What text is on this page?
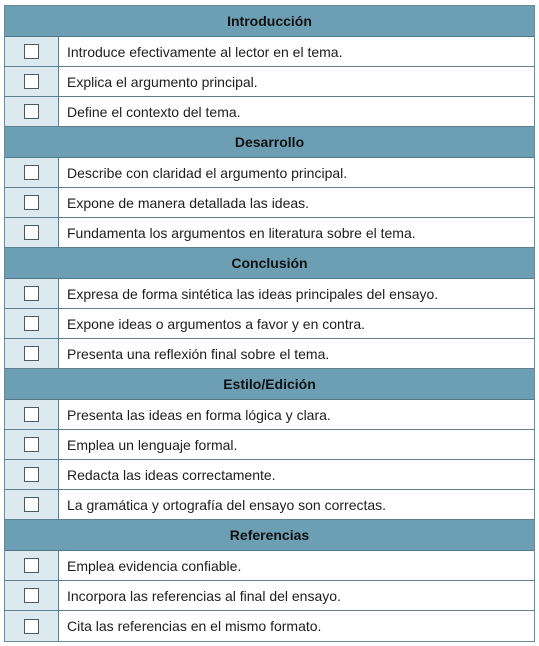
Introducción
Introduce efectivamente al lector en el tema.
Explica el argumento principal.
Define el contexto del tema.
Desarrollo
Describe con claridad el argumento principal.
Expone de manera detallada las ideas.
Fundamenta los argumentos en literatura sobre el tema.
Conclusión
Expresa de forma sintética las ideas principales del ensayo.
Expone ideas o argumentos a favor y en contra.
Presenta una reflexión final sobre el tema.
Estilo/Edición
Presenta las ideas en forma lógica y clara.
Emplea un lenguaje formal.
Redacta las ideas correctamente.
La gramática y ortografía del ensayo son correctas.
Referencias
Emplea evidencia confiable.
Incorpora las referencias al final del ensayo.
Cita las referencias en el mismo formato.
